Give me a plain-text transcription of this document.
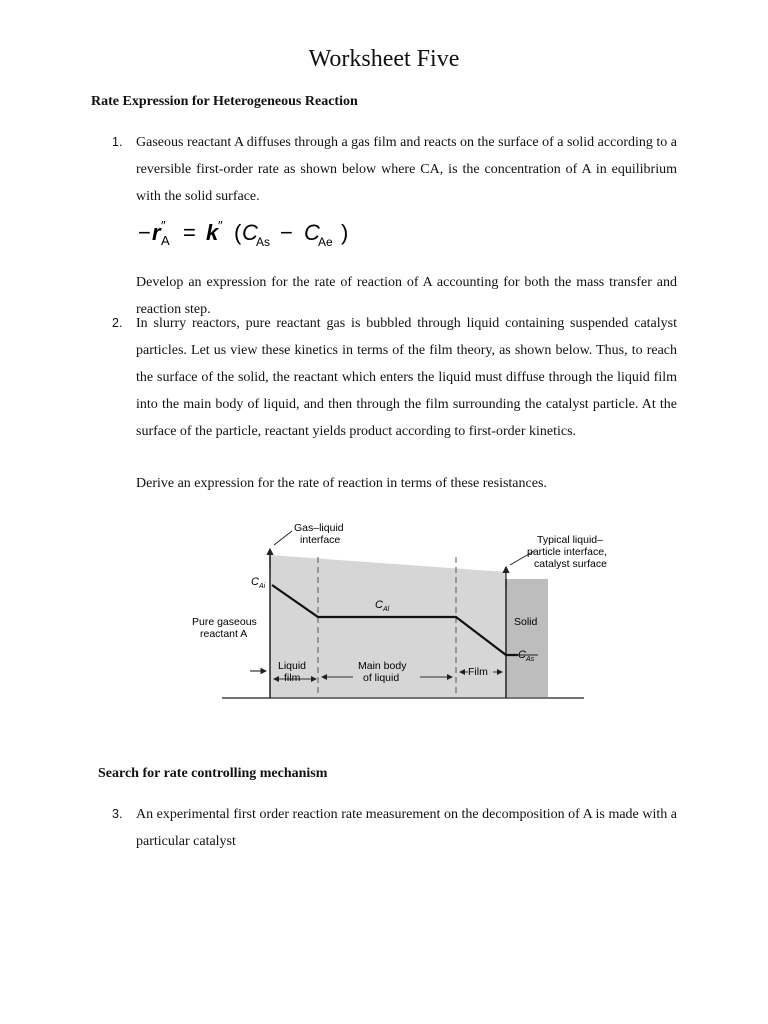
Worksheet Five
Rate Expression for Heterogeneous Reaction
1. Gaseous reactant A diffuses through a gas film and reacts on the surface of a solid according to a reversible first-order rate as shown below where CA, is the concentration of A in equilibrium with the solid surface.

− r ″
A = k ″ ( C
As − C
Ae )

Develop an expression for the rate of reaction of A accounting for both the mass transfer and reaction step.

2. In slurry reactors, pure reactant gas is bubbled through liquid containing suspended catalyst particles. Let us view these kinetics in terms of the film theory, as shown below. Thus, to reach the surface of the solid, the reactant which enters the liquid must diffuse through the liquid film into the main body of liquid, and then through the film surrounding the catalyst particle. At the surface of the particle, reactant yields product according to first-order kinetics.

Derive an expression for the rate of reaction in terms of these resistances.

Gas–liquid
interface	Typical liquid–
particle interface,
catalyst surface
Pure gaseous
reactant A
C Ai
C Al
Solid
C As
Liquid
film
Main body
of liquid	Film
Search for rate controlling mechanism
3. An experimental first order reaction rate measurement on the decomposition of A is made with a particular catalyst
